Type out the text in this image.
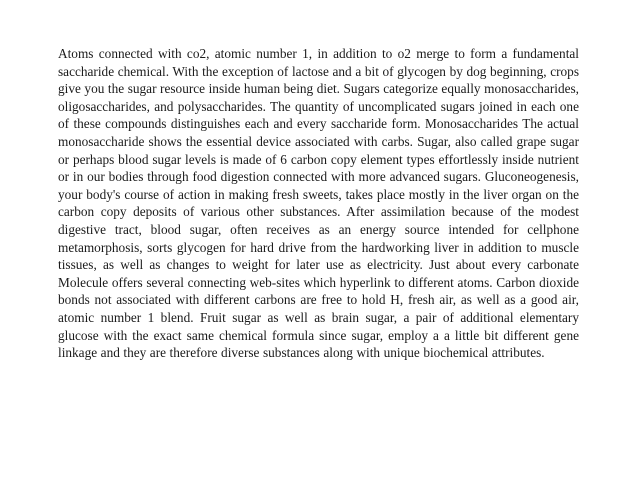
Atoms connected with co2, atomic number 1, in addition to o2 merge to form a fundamental saccharide chemical. With the exception of lactose and a bit of glycogen by dog beginning, crops give you the sugar resource inside human being diet. Sugars categorize equally monosaccharides, oligosaccharides, and polysaccharides. The quantity of uncomplicated sugars joined in each one of these compounds distinguishes each and every saccharide form. Monosaccharides The actual monosaccharide shows the essential device associated with carbs. Sugar, also called grape sugar or perhaps blood sugar levels is made of 6 carbon copy element types effortlessly inside nutrient or in our bodies through food digestion connected with more advanced sugars. Gluconeogenesis, your body's course of action in making fresh sweets, takes place mostly in the liver organ on the carbon copy deposits of various other substances. After assimilation because of the modest digestive tract, blood sugar, often receives as an energy source intended for cellphone metamorphosis, sorts glycogen for hard drive from the hardworking liver in addition to muscle tissues, as well as changes to weight for later use as electricity. Just about every carbonate Molecule offers several connecting web-sites which hyperlink to different atoms. Carbon dioxide bonds not associated with different carbons are free to hold H, fresh air, as well as a good air, atomic number 1 blend. Fruit sugar as well as brain sugar, a pair of additional elementary glucose with the exact same chemical formula since sugar, employ a a little bit different gene linkage and they are therefore diverse substances along with unique biochemical attributes.
